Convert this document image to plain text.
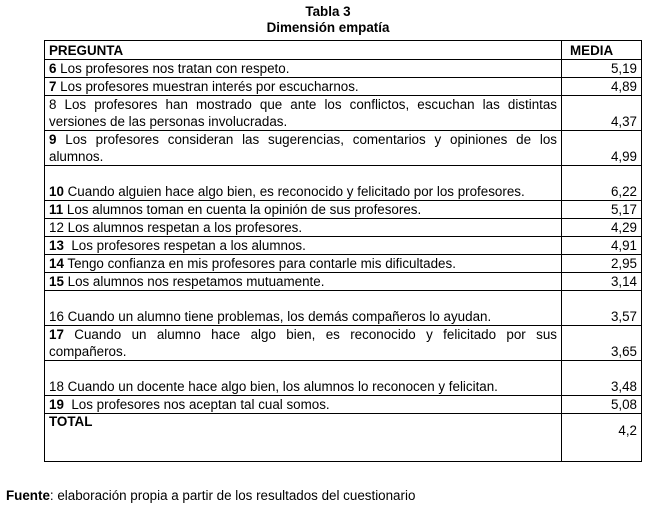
Tabla 3
Dimensión empatía
PREGUNTA	MEDIA
6 Los profesores nos tratan con respeto.	5,19
7 Los profesores muestran interés por escucharnos.	4,89
8 Los profesores han mostrado que ante los conflictos, escuchan las distintas versiones de las personas involucradas.	4,37
9 Los profesores consideran las sugerencias, comentarios y opiniones de los alumnos.	4,99
10 Cuando alguien hace algo bien, es reconocido y felicitado por los profesores.	6,22
11 Los alumnos toman en cuenta la opinión de sus profesores.	5,17
12 Los alumnos respetan a los profesores.	4,29
13  Los profesores respetan a los alumnos.	4,91
14 Tengo confianza en mis profesores para contarle mis dificultades.	2,95
15 Los alumnos nos respetamos mutuamente.	3,14
16 Cuando un alumno tiene problemas, los demás compañeros lo ayudan.	3,57
17 Cuando un alumno hace algo bien, es reconocido y felicitado por sus compañeros.	3,65
18 Cuando un docente hace algo bien, los alumnos lo reconocen y felicitan.	3,48
19  Los profesores nos aceptan tal cual somos.	5,08
TOTAL	4,2
Fuente: elaboración propia a partir de los resultados del cuestionario
